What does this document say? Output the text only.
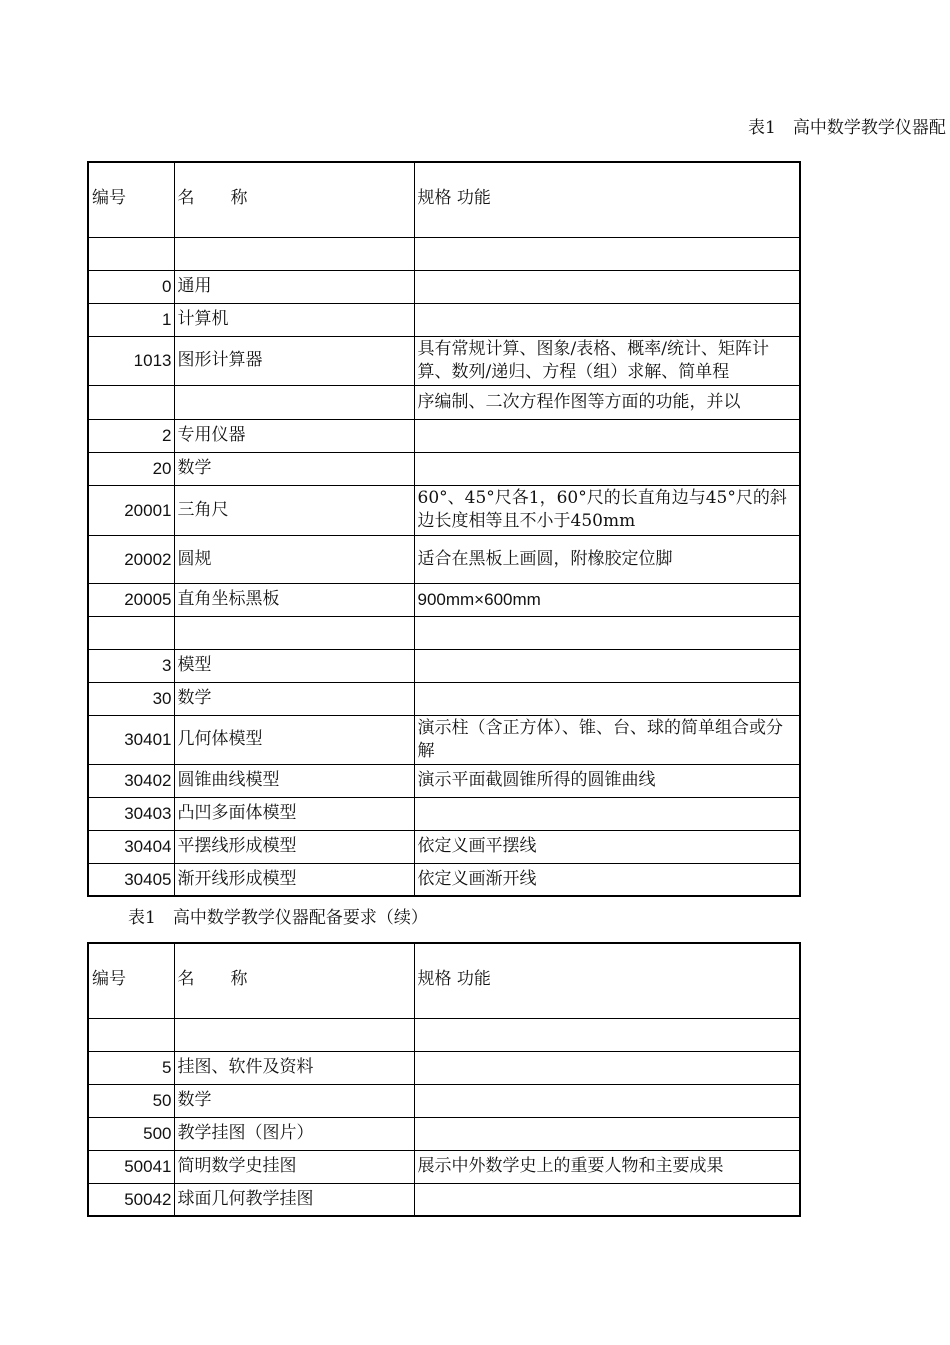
表1　高中数学教学仪器配
编号	名 称	规格 功能

0	通用	
1	计算机	
1013	图形计算器	具有常规计算、图象/表格、概率/统计、矩阵计算、数列/递归、方程（组）求解、简单程
		序编制、二次方程作图等方面的功能，并以
2	专用仪器	
20	数学	
20001	三角尺	60°、45°尺各1，60°尺的长直角边与45°尺的斜边长度相等且不小于450mm
20002	圆规	适合在黑板上画圆，附橡胶定位脚
20005	直角坐标黑板	900mm×600mm

3	模型	
30	数学	
30401	几何体模型	演示柱（含正方体）、锥、台、球的简单组合或分解
30402	圆锥曲线模型	演示平面截圆锥所得的圆锥曲线
30403	凸凹多面体模型	
30404	平摆线形成模型	依定义画平摆线
30405	渐开线形成模型	依定义画渐开线
表1　高中数学教学仪器配备要求（续）
编号	名 称	规格 功能

5	挂图、软件及资料	
50	数学	
500	教学挂图（图片）	
50041	简明数学史挂图	展示中外数学史上的重要人物和主要成果
50042	球面几何教学挂图	
